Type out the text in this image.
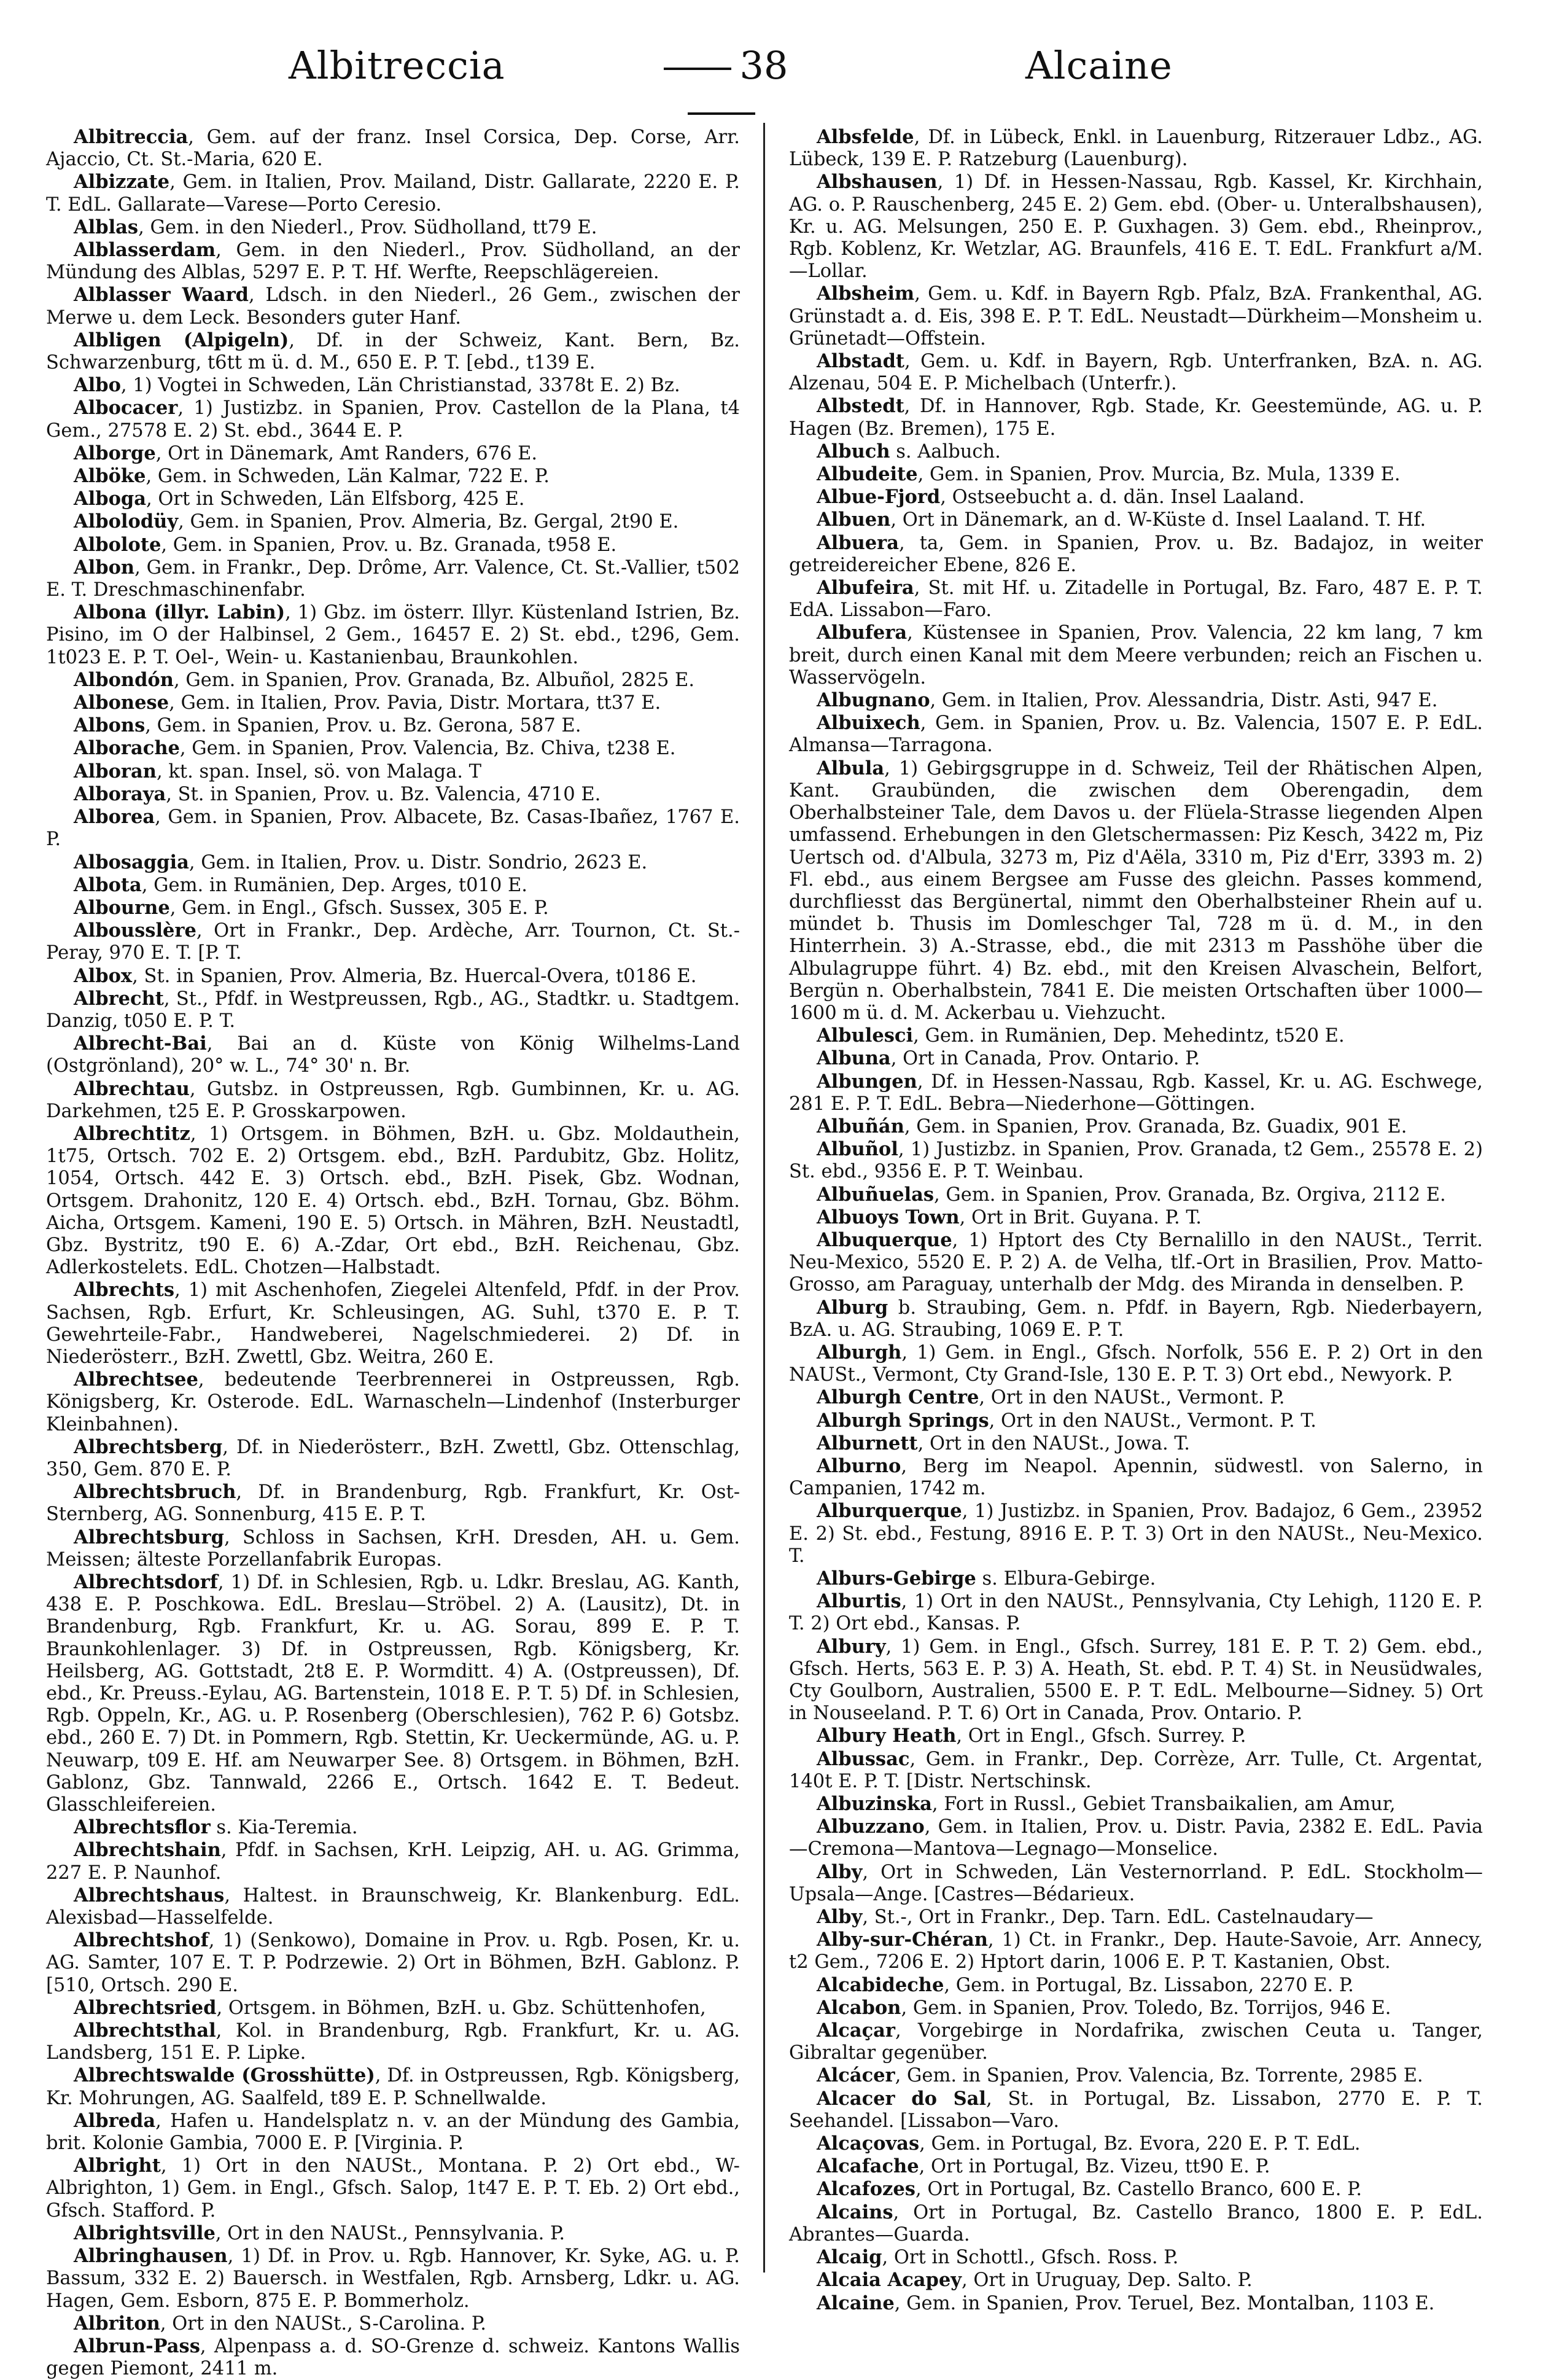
Albitreccia	38	Alcaine

Albitreccia, Gem. auf der franz. Insel Corsica, Dep. Corse, Arr. Ajaccio, Ct. St.-Maria, 620 E.

Albizzate, Gem. in Italien, Prov. Mailand, Distr. Gallarate, 2220 E. P. T. EdL. Gallarate—Varese—Porto Ceresio.

Alblas, Gem. in den Niederl., Prov. Südholland, tt79 E.

Alblasserdam, Gem. in den Niederl., Prov. Südholland, an der Mündung des Alblas, 5297 E. P. T. Hf. Werfte, Reepschlägereien.

Alblasser Waard, Ldsch. in den Niederl., 26 Gem., zwischen der Merwe u. dem Leck. Besonders guter Hanf.

Albligen (Alpigeln), Df. in der Schweiz, Kant. Bern, Bz. Schwarzenburg, t6tt m ü. d. M., 650 E. P. T. [ebd., t139 E.

Albo, 1) Vogtei in Schweden, Län Christianstad, 3378t E. 2) Bz.

Albocacer, 1) Justizbz. in Spanien, Prov. Castellon de la Plana, t4 Gem., 27578 E. 2) St. ebd., 3644 E. P.

Alborge, Ort in Dänemark, Amt Randers, 676 E.

Alböke, Gem. in Schweden, Län Kalmar, 722 E. P.

Alboga, Ort in Schweden, Län Elfsborg, 425 E.

Albolodüy, Gem. in Spanien, Prov. Almeria, Bz. Gergal, 2t90 E.

Albolote, Gem. in Spanien, Prov. u. Bz. Granada, t958 E.

Albon, Gem. in Frankr., Dep. Drôme, Arr. Valence, Ct. St.-Vallier, t502 E. T. Dreschmaschinenfabr.

Albona (illyr. Labin), 1) Gbz. im österr. Illyr. Küstenland Istrien, Bz. Pisino, im O der Halbinsel, 2 Gem., 16457 E. 2) St. ebd., t296, Gem. 1t023 E. P. T. Oel-, Wein- u. Kastanienbau, Braunkohlen.

Albondón, Gem. in Spanien, Prov. Granada, Bz. Albuñol, 2825 E.

Albonese, Gem. in Italien, Prov. Pavia, Distr. Mortara, tt37 E.

Albons, Gem. in Spanien, Prov. u. Bz. Gerona, 587 E.

Alborache, Gem. in Spanien, Prov. Valencia, Bz. Chiva, t238 E.

Alboran, kt. span. Insel, sö. von Malaga. T

Alboraya, St. in Spanien, Prov. u. Bz. Valencia, 4710 E.

Alborea, Gem. in Spanien, Prov. Albacete, Bz. Casas-Ibañez, 1767 E. P.

Albosaggia, Gem. in Italien, Prov. u. Distr. Sondrio, 2623 E.

Albota, Gem. in Rumänien, Dep. Arges, t010 E.

Albourne, Gem. in Engl., Gfsch. Sussex, 305 E. P.

Albousslère, Ort in Frankr., Dep. Ardèche, Arr. Tournon, Ct. St.-Peray, 970 E. T. [P. T.

Albox, St. in Spanien, Prov. Almeria, Bz. Huercal-Overa, t0186 E.

Albrecht, St., Pfdf. in Westpreussen, Rgb., AG., Stadtkr. u. Stadtgem. Danzig, t050 E. P. T.

Albrecht-Bai, Bai an d. Küste von König Wilhelms-Land (Ostgrönland), 20° w. L., 74° 30' n. Br.

Albrechtau, Gutsbz. in Ostpreussen, Rgb. Gumbinnen, Kr. u. AG. Darkehmen, t25 E. P. Grosskarpowen.

Albrechtitz, 1) Ortsgem. in Böhmen, BzH. u. Gbz. Moldauthein, 1t75, Ortsch. 702 E. 2) Ortsgem. ebd., BzH. Pardubitz, Gbz. Holitz, 1054, Ortsch. 442 E. 3) Ortsch. ebd., BzH. Pisek, Gbz. Wodnan, Ortsgem. Drahonitz, 120 E. 4) Ortsch. ebd., BzH. Tornau, Gbz. Böhm. Aicha, Ortsgem. Kameni, 190 E. 5) Ortsch. in Mähren, BzH. Neustadtl, Gbz. Bystritz, t90 E. 6) A.-Zdar, Ort ebd., BzH. Reichenau, Gbz. Adlerkostelets. EdL. Chotzen—Halbstadt.

Albrechts, 1) mit Aschenhofen, Ziegelei Altenfeld, Pfdf. in der Prov. Sachsen, Rgb. Erfurt, Kr. Schleusingen, AG. Suhl, t370 E. P. T. Gewehrteile-Fabr., Handweberei, Nagelschmiederei. 2) Df. in Niederösterr., BzH. Zwettl, Gbz. Weitra, 260 E.

Albrechtsee, bedeutende Teerbrennerei in Ostpreussen, Rgb. Königsberg, Kr. Osterode. EdL. Warnascheln—Lindenhof (Insterburger Kleinbahnen).

Albrechtsberg, Df. in Niederösterr., BzH. Zwettl, Gbz. Ottenschlag, 350, Gem. 870 E. P.

Albrechtsbruch, Df. in Brandenburg, Rgb. Frankfurt, Kr. Ost-Sternberg, AG. Sonnenburg, 415 E. P. T.

Albrechtsburg, Schloss in Sachsen, KrH. Dresden, AH. u. Gem. Meissen; älteste Porzellanfabrik Europas.

Albrechtsdorf, 1) Df. in Schlesien, Rgb. u. Ldkr. Breslau, AG. Kanth, 438 E. P. Poschkowa. EdL. Breslau—Ströbel. 2) A. (Lausitz), Dt. in Brandenburg, Rgb. Frankfurt, Kr. u. AG. Sorau, 899 E. P. T. Braunkohlenlager. 3) Df. in Ostpreussen, Rgb. Königsberg, Kr. Heilsberg, AG. Gottstadt, 2t8 E. P. Wormditt. 4) A. (Ostpreussen), Df. ebd., Kr. Preuss.-Eylau, AG. Bartenstein, 1018 E. P. T. 5) Df. in Schlesien, Rgb. Oppeln, Kr., AG. u. P. Rosenberg (Oberschlesien), 762 P. 6) Gotsbz. ebd., 260 E. 7) Dt. in Pommern, Rgb. Stettin, Kr. Ueckermünde, AG. u. P. Neuwarp, t09 E. Hf. am Neuwarper See. 8) Ortsgem. in Böhmen, BzH. Gablonz, Gbz. Tannwald, 2266 E., Ortsch. 1642 E. T. Bedeut. Glasschleifereien.

Albrechtsflor s. Kia-Teremia.

Albrechtshain, Pfdf. in Sachsen, KrH. Leipzig, AH. u. AG. Grimma, 227 E. P. Naunhof.

Albrechtshaus, Haltest. in Braunschweig, Kr. Blankenburg. EdL. Alexisbad—Hasselfelde.

Albrechtshof, 1) (Senkowo), Domaine in Prov. u. Rgb. Posen, Kr. u. AG. Samter, 107 E. T. P. Podrzewie. 2) Ort in Böhmen, BzH. Gablonz. P. [510, Ortsch. 290 E.

Albrechtsried, Ortsgem. in Böhmen, BzH. u. Gbz. Schüttenhofen,

Albrechtsthal, Kol. in Brandenburg, Rgb. Frankfurt, Kr. u. AG. Landsberg, 151 E. P. Lipke.

Albrechtswalde (Grosshütte), Df. in Ostpreussen, Rgb. Königsberg, Kr. Mohrungen, AG. Saalfeld, t89 E. P. Schnellwalde.

Albreda, Hafen u. Handelsplatz n. v. an der Mündung des Gambia, brit. Kolonie Gambia, 7000 E. P. [Virginia. P.

Albright, 1) Ort in den NAUSt., Montana. P. 2) Ort ebd., W-Albrighton, 1) Gem. in Engl., Gfsch. Salop, 1t47 E. P. T. Eb. 2) Ort ebd., Gfsch. Stafford. P.

Albrightsville, Ort in den NAUSt., Pennsylvania. P.

Albringhausen, 1) Df. in Prov. u. Rgb. Hannover, Kr. Syke, AG. u. P. Bassum, 332 E. 2) Bauersch. in Westfalen, Rgb. Arnsberg, Ldkr. u. AG. Hagen, Gem. Esborn, 875 E. P. Bommerholz.

Albriton, Ort in den NAUSt., S-Carolina. P.

Albrun-Pass, Alpenpass a. d. SO-Grenze d. schweiz. Kantons Wallis gegen Piemont, 2411 m.

Albsfelde, Df. in Lübeck, Enkl. in Lauenburg, Ritzerauer Ldbz., AG. Lübeck, 139 E. P. Ratzeburg (Lauenburg).

Albshausen, 1) Df. in Hessen-Nassau, Rgb. Kassel, Kr. Kirchhain, AG. o. P. Rauschenberg, 245 E. 2) Gem. ebd. (Ober- u. Unteralbshausen), Kr. u. AG. Melsungen, 250 E. P. Guxhagen. 3) Gem. ebd., Rheinprov., Rgb. Koblenz, Kr. Wetzlar, AG. Braunfels, 416 E. T. EdL. Frankfurt a/M.—Lollar.

Albsheim, Gem. u. Kdf. in Bayern Rgb. Pfalz, BzA. Frankenthal, AG. Grünstadt a. d. Eis, 398 E. P. T. EdL. Neustadt—Dürkheim—Monsheim u. Grünetadt—Offstein.

Albstadt, Gem. u. Kdf. in Bayern, Rgb. Unterfranken, BzA. n. AG. Alzenau, 504 E. P. Michelbach (Unterfr.).

Albstedt, Df. in Hannover, Rgb. Stade, Kr. Geestemünde, AG. u. P. Hagen (Bz. Bremen), 175 E.

Albuch s. Aalbuch.

Albudeite, Gem. in Spanien, Prov. Murcia, Bz. Mula, 1339 E.

Albue-Fjord, Ostseebucht a. d. dän. Insel Laaland.

Albuen, Ort in Dänemark, an d. W-Küste d. Insel Laaland. T. Hf.

Albuera, ta, Gem. in Spanien, Prov. u. Bz. Badajoz, in weiter getreidereicher Ebene, 826 E.

Albufeira, St. mit Hf. u. Zitadelle in Portugal, Bz. Faro, 487 E. P. T. EdA. Lissabon—Faro.

Albufera, Küstensee in Spanien, Prov. Valencia, 22 km lang, 7 km breit, durch einen Kanal mit dem Meere verbunden; reich an Fischen u. Wasservögeln.

Albugnano, Gem. in Italien, Prov. Alessandria, Distr. Asti, 947 E.

Albuixech, Gem. in Spanien, Prov. u. Bz. Valencia, 1507 E. P. EdL. Almansa—Tarragona.

Albula, 1) Gebirgsgruppe in d. Schweiz, Teil der Rhätischen Alpen, Kant. Graubünden, die zwischen dem Oberengadin, dem Oberhalbsteiner Tale, dem Davos u. der Flüela-Strasse liegenden Alpen umfassend. Erhebungen in den Gletschermassen: Piz Kesch, 3422 m, Piz Uertsch od. d'Albula, 3273 m, Piz d'Aëla, 3310 m, Piz d'Err, 3393 m. 2) Fl. ebd., aus einem Bergsee am Fusse des gleichn. Passes kommend, durchfliesst das Bergünertal, nimmt den Oberhalbsteiner Rhein auf u. mündet b. Thusis im Domleschger Tal, 728 m ü. d. M., in den Hinterrhein. 3) A.-Strasse, ebd., die mit 2313 m Passhöhe über die Albulagruppe führt. 4) Bz. ebd., mit den Kreisen Alvaschein, Belfort, Bergün n. Oberhalbstein, 7841 E. Die meisten Ortschaften über 1000—1600 m ü. d. M. Ackerbau u. Viehzucht.

Albulesci, Gem. in Rumänien, Dep. Mehedintz, t520 E.

Albuna, Ort in Canada, Prov. Ontario. P.

Albungen, Df. in Hessen-Nassau, Rgb. Kassel, Kr. u. AG. Eschwege, 281 E. P. T. EdL. Bebra—Niederhone—Göttingen.

Albuñán, Gem. in Spanien, Prov. Granada, Bz. Guadix, 901 E.

Albuñol, 1) Justizbz. in Spanien, Prov. Granada, t2 Gem., 25578 E. 2) St. ebd., 9356 E. P. T. Weinbau.

Albuñuelas, Gem. in Spanien, Prov. Granada, Bz. Orgiva, 2112 E.

Albuoys Town, Ort in Brit. Guyana. P. T.

Albuquerque, 1) Hptort des Cty Bernalillo in den NAUSt., Territ. Neu-Mexico, 5520 E. P. 2) A. de Velha, tlf.-Ort in Brasilien, Prov. Matto-Grosso, am Paraguay, unterhalb der Mdg. des Miranda in denselben. P.

Alburg b. Straubing, Gem. n. Pfdf. in Bayern, Rgb. Niederbayern, BzA. u. AG. Straubing, 1069 E. P. T.

Alburgh, 1) Gem. in Engl., Gfsch. Norfolk, 556 E. P. 2) Ort in den NAUSt., Vermont, Cty Grand-Isle, 130 E. P. T. 3) Ort ebd., Newyork. P.

Alburgh Centre, Ort in den NAUSt., Vermont. P.

Alburgh Springs, Ort in den NAUSt., Vermont. P. T.

Alburnett, Ort in den NAUSt., Jowa. T.

Alburno, Berg im Neapol. Apennin, südwestl. von Salerno, in Campanien, 1742 m.

Alburquerque, 1) Justizbz. in Spanien, Prov. Badajoz, 6 Gem., 23952 E. 2) St. ebd., Festung, 8916 E. P. T. 3) Ort in den NAUSt., Neu-Mexico. T.

Alburs-Gebirge s. Elbura-Gebirge.

Alburtis, 1) Ort in den NAUSt., Pennsylvania, Cty Lehigh, 1120 E. P. T. 2) Ort ebd., Kansas. P.

Albury, 1) Gem. in Engl., Gfsch. Surrey, 181 E. P. T. 2) Gem. ebd., Gfsch. Herts, 563 E. P. 3) A. Heath, St. ebd. P. T. 4) St. in Neusüdwales, Cty Goulborn, Australien, 5500 E. P. T. EdL. Melbourne—Sidney. 5) Ort in Nouseeland. P. T. 6) Ort in Canada, Prov. Ontario. P.

Albury Heath, Ort in Engl., Gfsch. Surrey. P.

Albussac, Gem. in Frankr., Dep. Corrèze, Arr. Tulle, Ct. Argentat, 140t E. P. T. [Distr. Nertschinsk.

Albuzinska, Fort in Russl., Gebiet Transbaikalien, am Amur,

Albuzzano, Gem. in Italien, Prov. u. Distr. Pavia, 2382 E. EdL. Pavia—Cremona—Mantova—Legnago—Monselice.

Alby, Ort in Schweden, Län Vesternorrland. P. EdL. Stockholm—Upsala—Ange. [Castres—Bédarieux.

Alby, St.-, Ort in Frankr., Dep. Tarn. EdL. Castelnaudary—

Alby-sur-Chéran, 1) Ct. in Frankr., Dep. Haute-Savoie, Arr. Annecy, t2 Gem., 7206 E. 2) Hptort darin, 1006 E. P. T. Kastanien, Obst.

Alcabideche, Gem. in Portugal, Bz. Lissabon, 2270 E. P.

Alcabon, Gem. in Spanien, Prov. Toledo, Bz. Torrijos, 946 E.

Alcaçar, Vorgebirge in Nordafrika, zwischen Ceuta u. Tanger, Gibraltar gegenüber.

Alcácer, Gem. in Spanien, Prov. Valencia, Bz. Torrente, 2985 E.

Alcacer do Sal, St. in Portugal, Bz. Lissabon, 2770 E. P. T. Seehandel. [Lissabon—Varo.

Alcaçovas, Gem. in Portugal, Bz. Evora, 220 E. P. T. EdL.

Alcafache, Ort in Portugal, Bz. Vizeu, tt90 E. P.

Alcafozes, Ort in Portugal, Bz. Castello Branco, 600 E. P.

Alcains, Ort in Portugal, Bz. Castello Branco, 1800 E. P. EdL. Abrantes—Guarda.

Alcaig, Ort in Schottl., Gfsch. Ross. P.

Alcaia Acapey, Ort in Uruguay, Dep. Salto. P.

Alcaine, Gem. in Spanien, Prov. Teruel, Bez. Montalban, 1103 E.
